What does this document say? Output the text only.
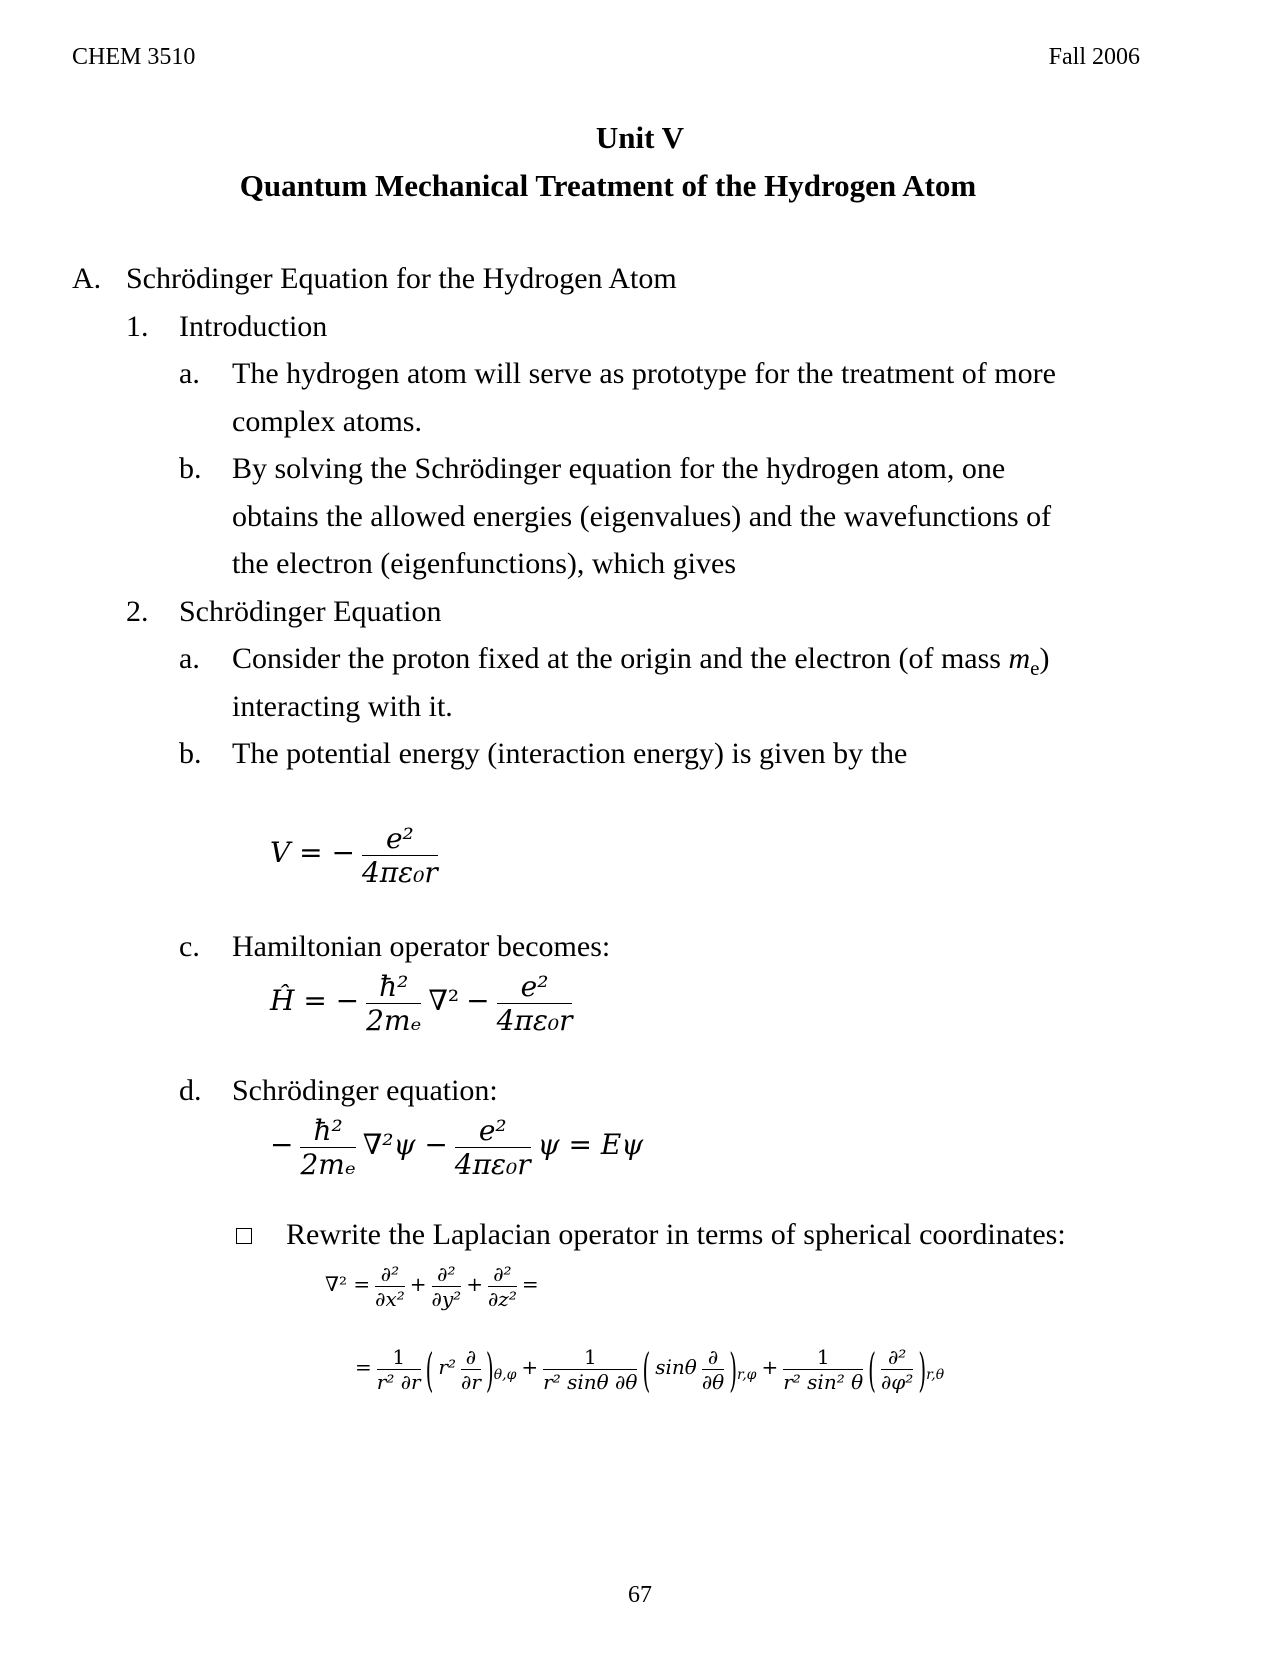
CHEM 3510	Fall 2006
Unit V
Quantum Mechanical Treatment of the Hydrogen Atom
A. Schrödinger Equation for the Hydrogen Atom
1. Introduction
a. The hydrogen atom will serve as prototype for the treatment of more
complex atoms.
b. By solving the Schrödinger equation for the hydrogen atom, one
obtains the allowed energies (eigenvalues) and the wavefunctions of
the electron (eigenfunctions), which gives
2. Schrödinger Equation
a. Consider the proton fixed at the origin and the electron (of mass $m_e$)
interacting with it.
b. The potential energy (interaction energy) is given by the
V = − $\frac{\text{e²}}{\text{4πε₀r}}$
c. Hamiltonian operator becomes:
Ĥ = − $\frac{\text{ħ²}}{\text{2mₑ}} \nabla^2 - \frac{\text{e²}}{\text{4πε₀r}}$
d. Schrödinger equation:
− $\frac{\text{ħ²}}{\text{2mₑ}} \nabla^2\psi - \frac{\text{e²}}{\text{4πε₀r}}$ ψ = Eψ
Rewrite the Laplacian operator in terms of spherical coordinates:
$\nabla^2 = \frac{\text{∂²}}{\text{∂x²}} + \frac{\text{∂²}}{\text{∂y²}} + \frac{\text{∂²}}{\text{∂z²}}$ =
= $\frac{1}{\text{r² ∂r}}$ ( $r^2 \frac{\partial}{\partial r} )_{\theta,\varphi} + \frac{1}{\text{r² sinθ ∂θ}}$ ( sinθ $\frac{\partial}{\partial\theta} )_{r,\varphi} + \frac{1}{\text{r² sin² θ}}$ ( $\frac{\text{∂²}}{\text{∂φ²}} )_{r,\theta}$
67
